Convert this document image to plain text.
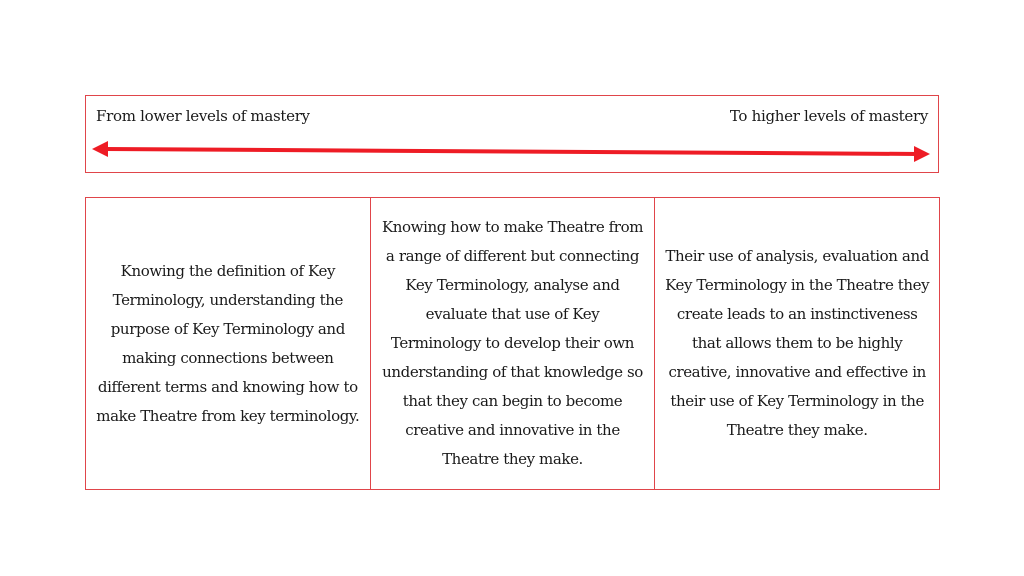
From lower levels of mastery	To higher levels of mastery
Knowing the definition of Key Terminology, understanding the purpose of Key Terminology and making connections between different terms and knowing how to make Theatre from key terminology.
Knowing how to make Theatre from a range of different but connecting Key Terminology, analyse and evaluate that use of Key Terminology to develop their own understanding of that knowledge so that they can begin to become creative and innovative in the Theatre they make.
Their use of analysis, evaluation and Key Terminology in the Theatre they create leads to an instinctiveness that allows them to be highly creative, innovative and effective in their use of Key Terminology in the Theatre they make.
